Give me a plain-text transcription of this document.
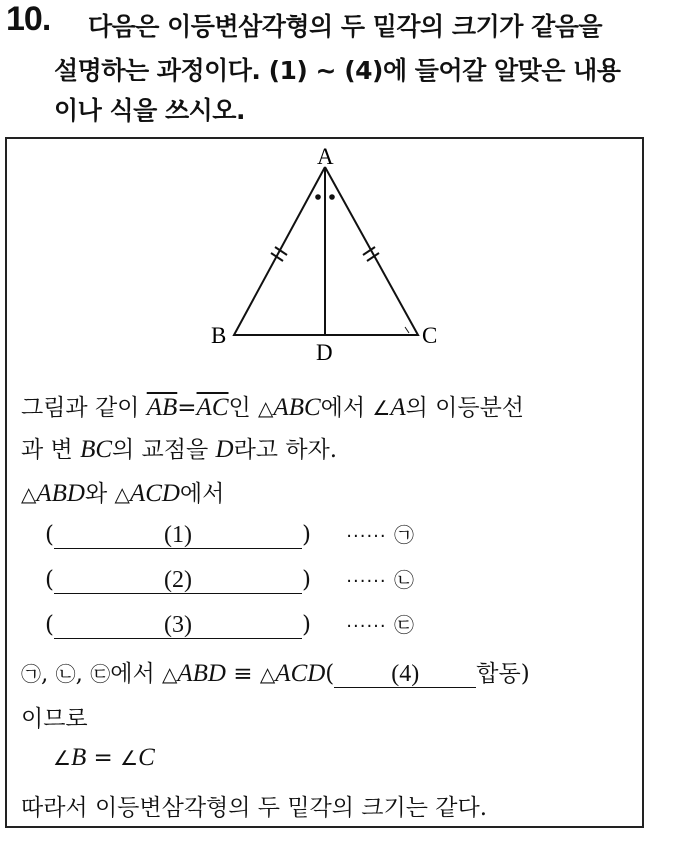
10. 다음은 이등변삼각형의 두 밑각의 크기가 같음을
설명하는 과정이다. (1) ~ (4)에 들어갈 알맞은 내용
이나 식을 쓰시오.
A
B	C
D
그림과 같이 $\overline{AB}=\overline{AC}$인 △ABC에서 ∠A의 이등분선
과 변 BC의 교점을 D라고 하자.
△ABD와 △ACD에서
(	(1)	) ······ ㉠
(	(2)	) ······ ㉡
(	(3)	) ······ ㉢
㉠, ㉡, ㉢에서 △ABD ≡ △ACD( (4) 합동)
이므로
∠B = ∠C
따라서 이등변삼각형의 두 밑각의 크기는 같다.
